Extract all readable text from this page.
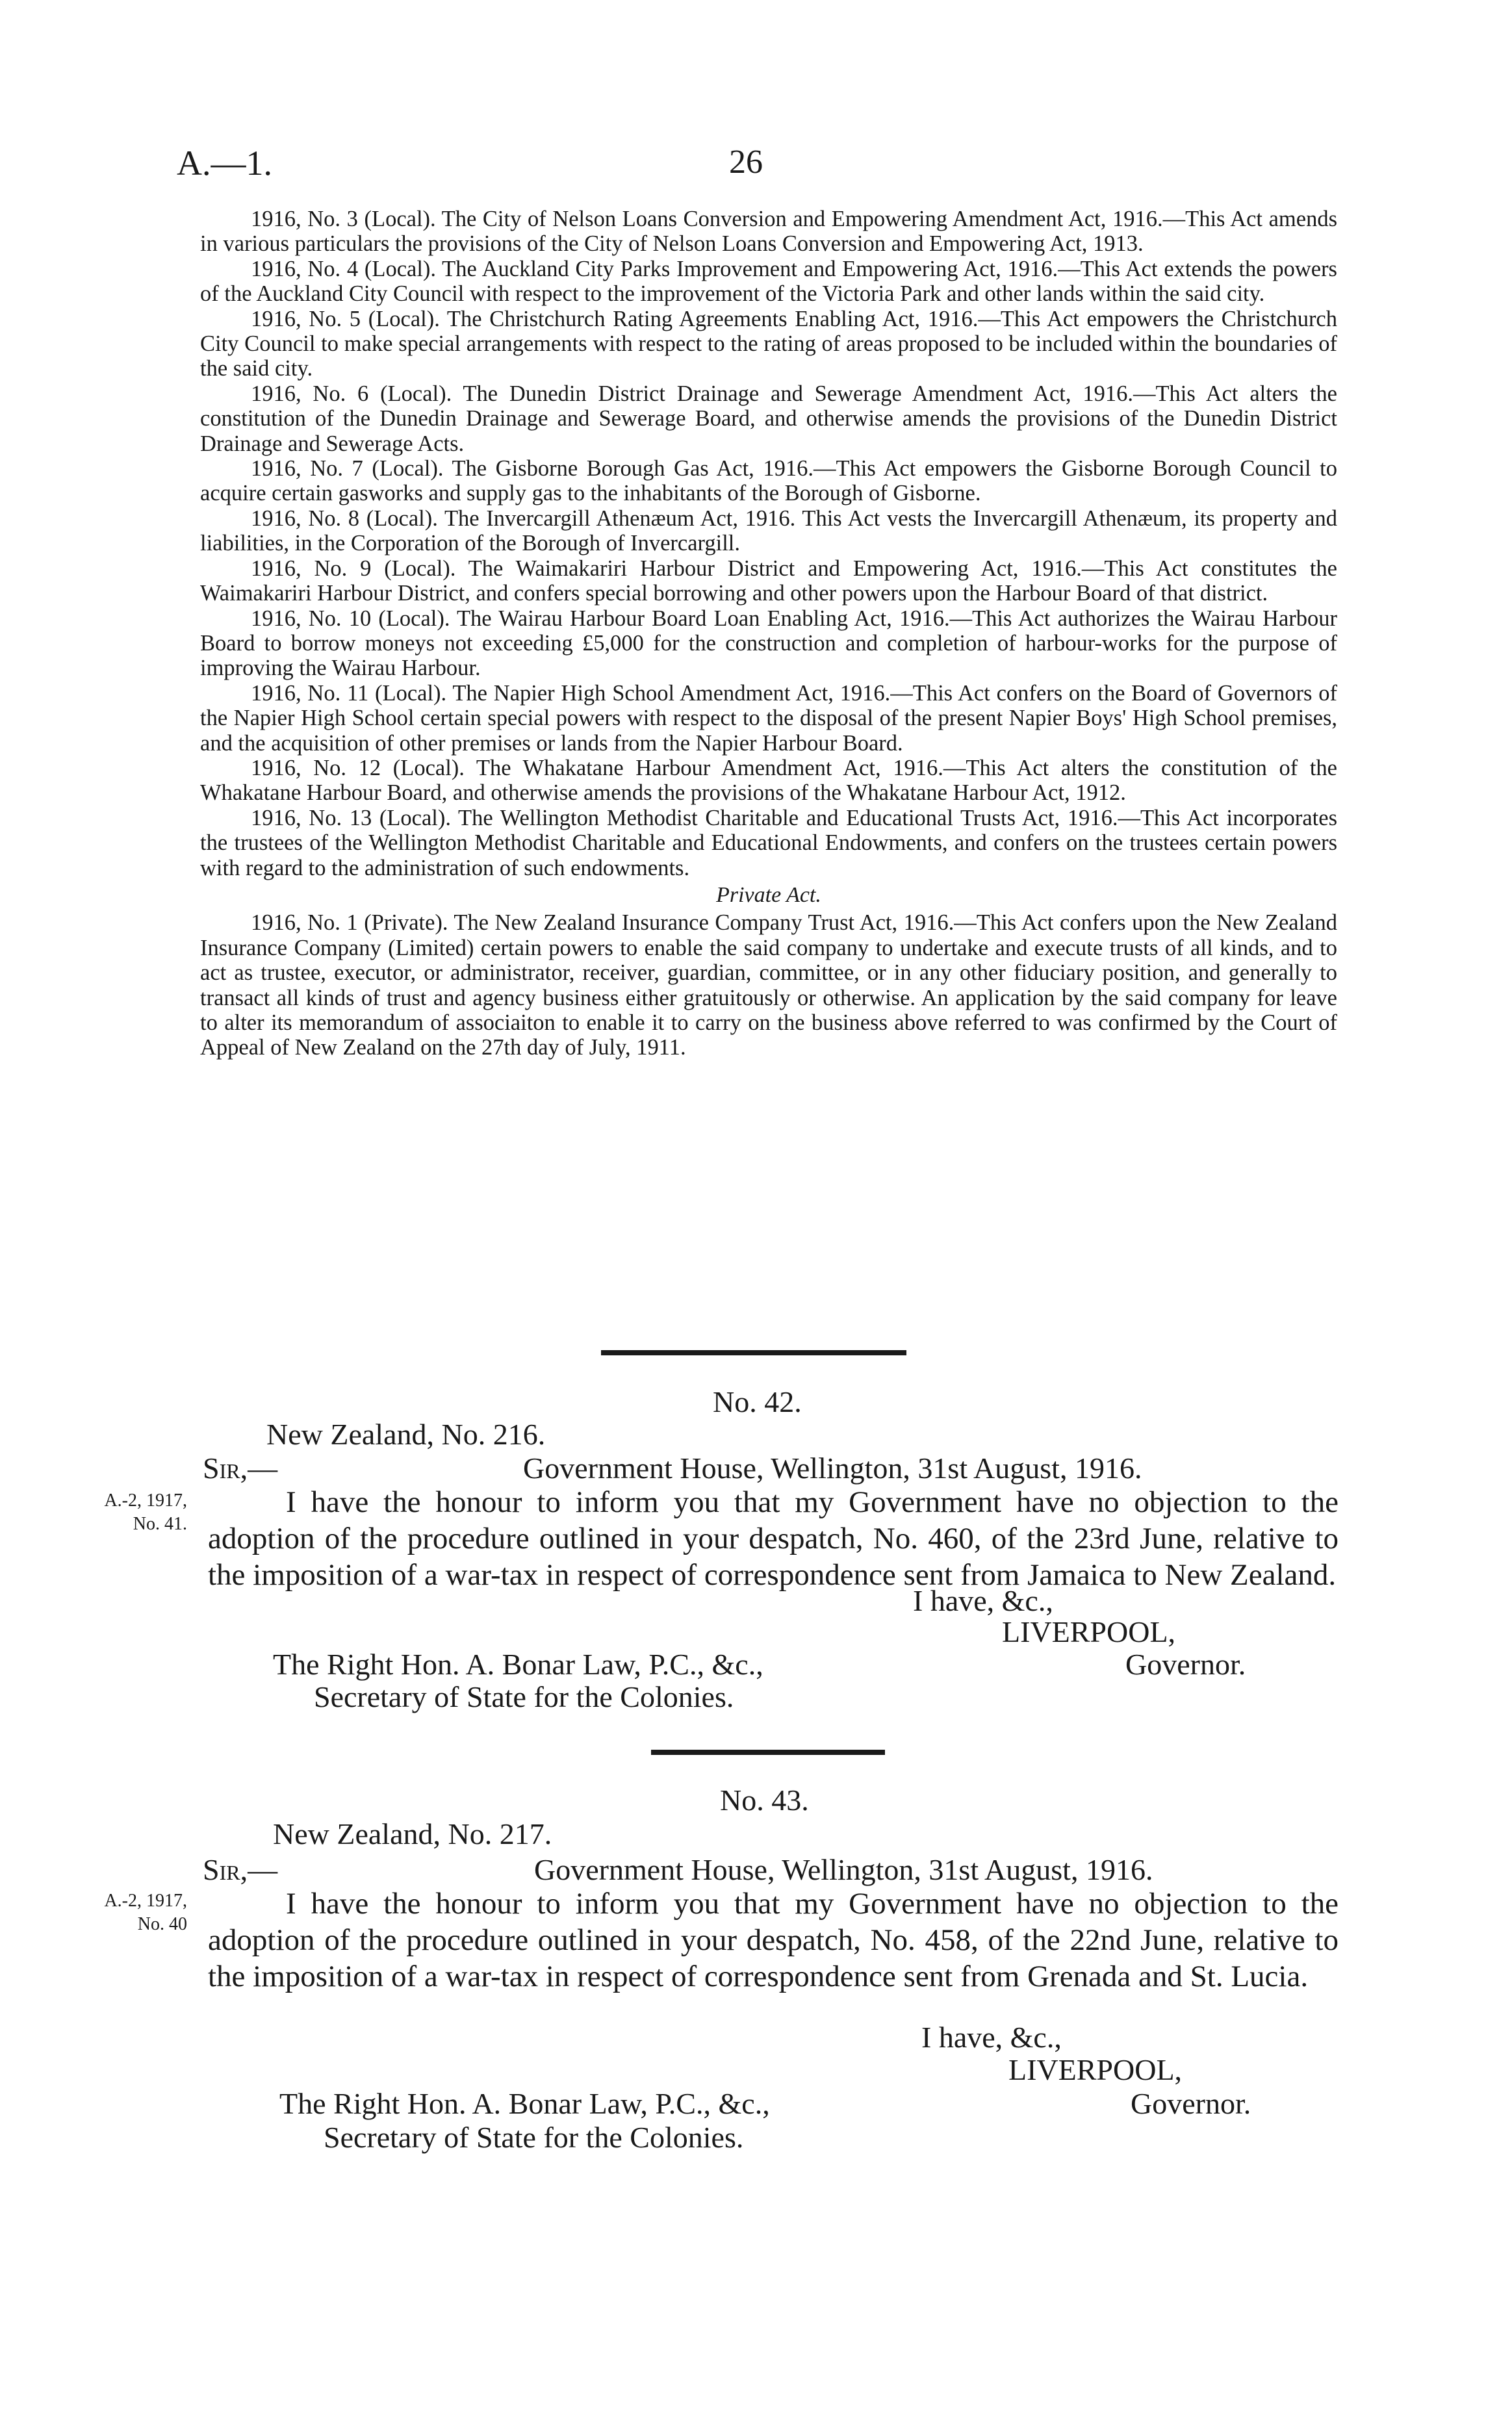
A.—1.	26

1916, No. 3 (Local). The City of Nelson Loans Conversion and Empowering Amendment Act, 1916.—This Act amends in various particulars the provisions of the City of Nelson Loans Conversion and Empowering Act, 1913.

1916, No. 4 (Local). The Auckland City Parks Improvement and Empowering Act, 1916.—This Act extends the powers of the Auckland City Council with respect to the improvement of the Victoria Park and other lands within the said city.

1916, No. 5 (Local). The Christchurch Rating Agreements Enabling Act, 1916.—This Act empowers the Christchurch City Council to make special arrangements with respect to the rating of areas proposed to be included within the boundaries of the said city.

1916, No. 6 (Local). The Dunedin District Drainage and Sewerage Amendment Act, 1916.—This Act alters the constitution of the Dunedin Drainage and Sewerage Board, and otherwise amends the provisions of the Dunedin District Drainage and Sewerage Acts.

1916, No. 7 (Local). The Gisborne Borough Gas Act, 1916.—This Act empowers the Gisborne Borough Council to acquire certain gasworks and supply gas to the inhabitants of the Borough of Gisborne.

1916, No. 8 (Local). The Invercargill Athenæum Act, 1916. This Act vests the Invercargill Athenæum, its property and liabilities, in the Corporation of the Borough of Invercargill.

1916, No. 9 (Local). The Waimakariri Harbour District and Empowering Act, 1916.—This Act constitutes the Waimakariri Harbour District, and confers special borrowing and other powers upon the Harbour Board of that district.

1916, No. 10 (Local). The Wairau Harbour Board Loan Enabling Act, 1916.—This Act authorizes the Wairau Harbour Board to borrow moneys not exceeding £5,000 for the construction and completion of harbour-works for the purpose of improving the Wairau Harbour.

1916, No. 11 (Local). The Napier High School Amendment Act, 1916.—This Act confers on the Board of Governors of the Napier High School certain special powers with respect to the disposal of the present Napier Boys' High School premises, and the acquisition of other premises or lands from the Napier Harbour Board.

1916, No. 12 (Local). The Whakatane Harbour Amendment Act, 1916.—This Act alters the constitution of the Whakatane Harbour Board, and otherwise amends the provisions of the Whakatane Harbour Act, 1912.

1916, No. 13 (Local). The Wellington Methodist Charitable and Educational Trusts Act, 1916.—This Act incorporates the trustees of the Wellington Methodist Charitable and Educational Endowments, and confers on the trustees certain powers with regard to the administration of such endowments.

Private Act.

1916, No. 1 (Private). The New Zealand Insurance Company Trust Act, 1916.—This Act confers upon the New Zealand Insurance Company (Limited) certain powers to enable the said company to undertake and execute trusts of all kinds, and to act as trustee, executor, or administrator, receiver, guardian, committee, or in any other fiduciary position, and generally to transact all kinds of trust and agency business either gratuitously or otherwise. An application by the said company for leave to alter its memorandum of associaiton to enable it to carry on the business above referred to was confirmed by the Court of Appeal of New Zealand on the 27th day of July, 1911.

No. 42.
New Zealand, No. 216.
Sir,—	Government House, Wellington, 31st August, 1916.
A.-2, 1917,
No. 41.

I have the honour to inform you that my Government have no objection to the adoption of the procedure outlined in your despatch, No. 460, of the 23rd June, relative to the imposition of a war-tax in respect of correspondence sent from Jamaica to New Zealand.

I have, &c.,
LIVERPOOL,
The Right Hon. A. Bonar Law, P.C., &c.,	Governor.
Secretary of State for the Colonies.
No. 43.
New Zealand, No. 217.
Sir,—	Government House, Wellington, 31st August, 1916.
A.-2, 1917,
No. 40

I have the honour to inform you that my Government have no objection to the adoption of the procedure outlined in your despatch, No. 458, of the 22nd June, relative to the imposition of a war-tax in respect of correspondence sent from Grenada and St. Lucia.

I have, &c.,
LIVERPOOL,
The Right Hon. A. Bonar Law, P.C., &c.,	Governor.
Secretary of State for the Colonies.
